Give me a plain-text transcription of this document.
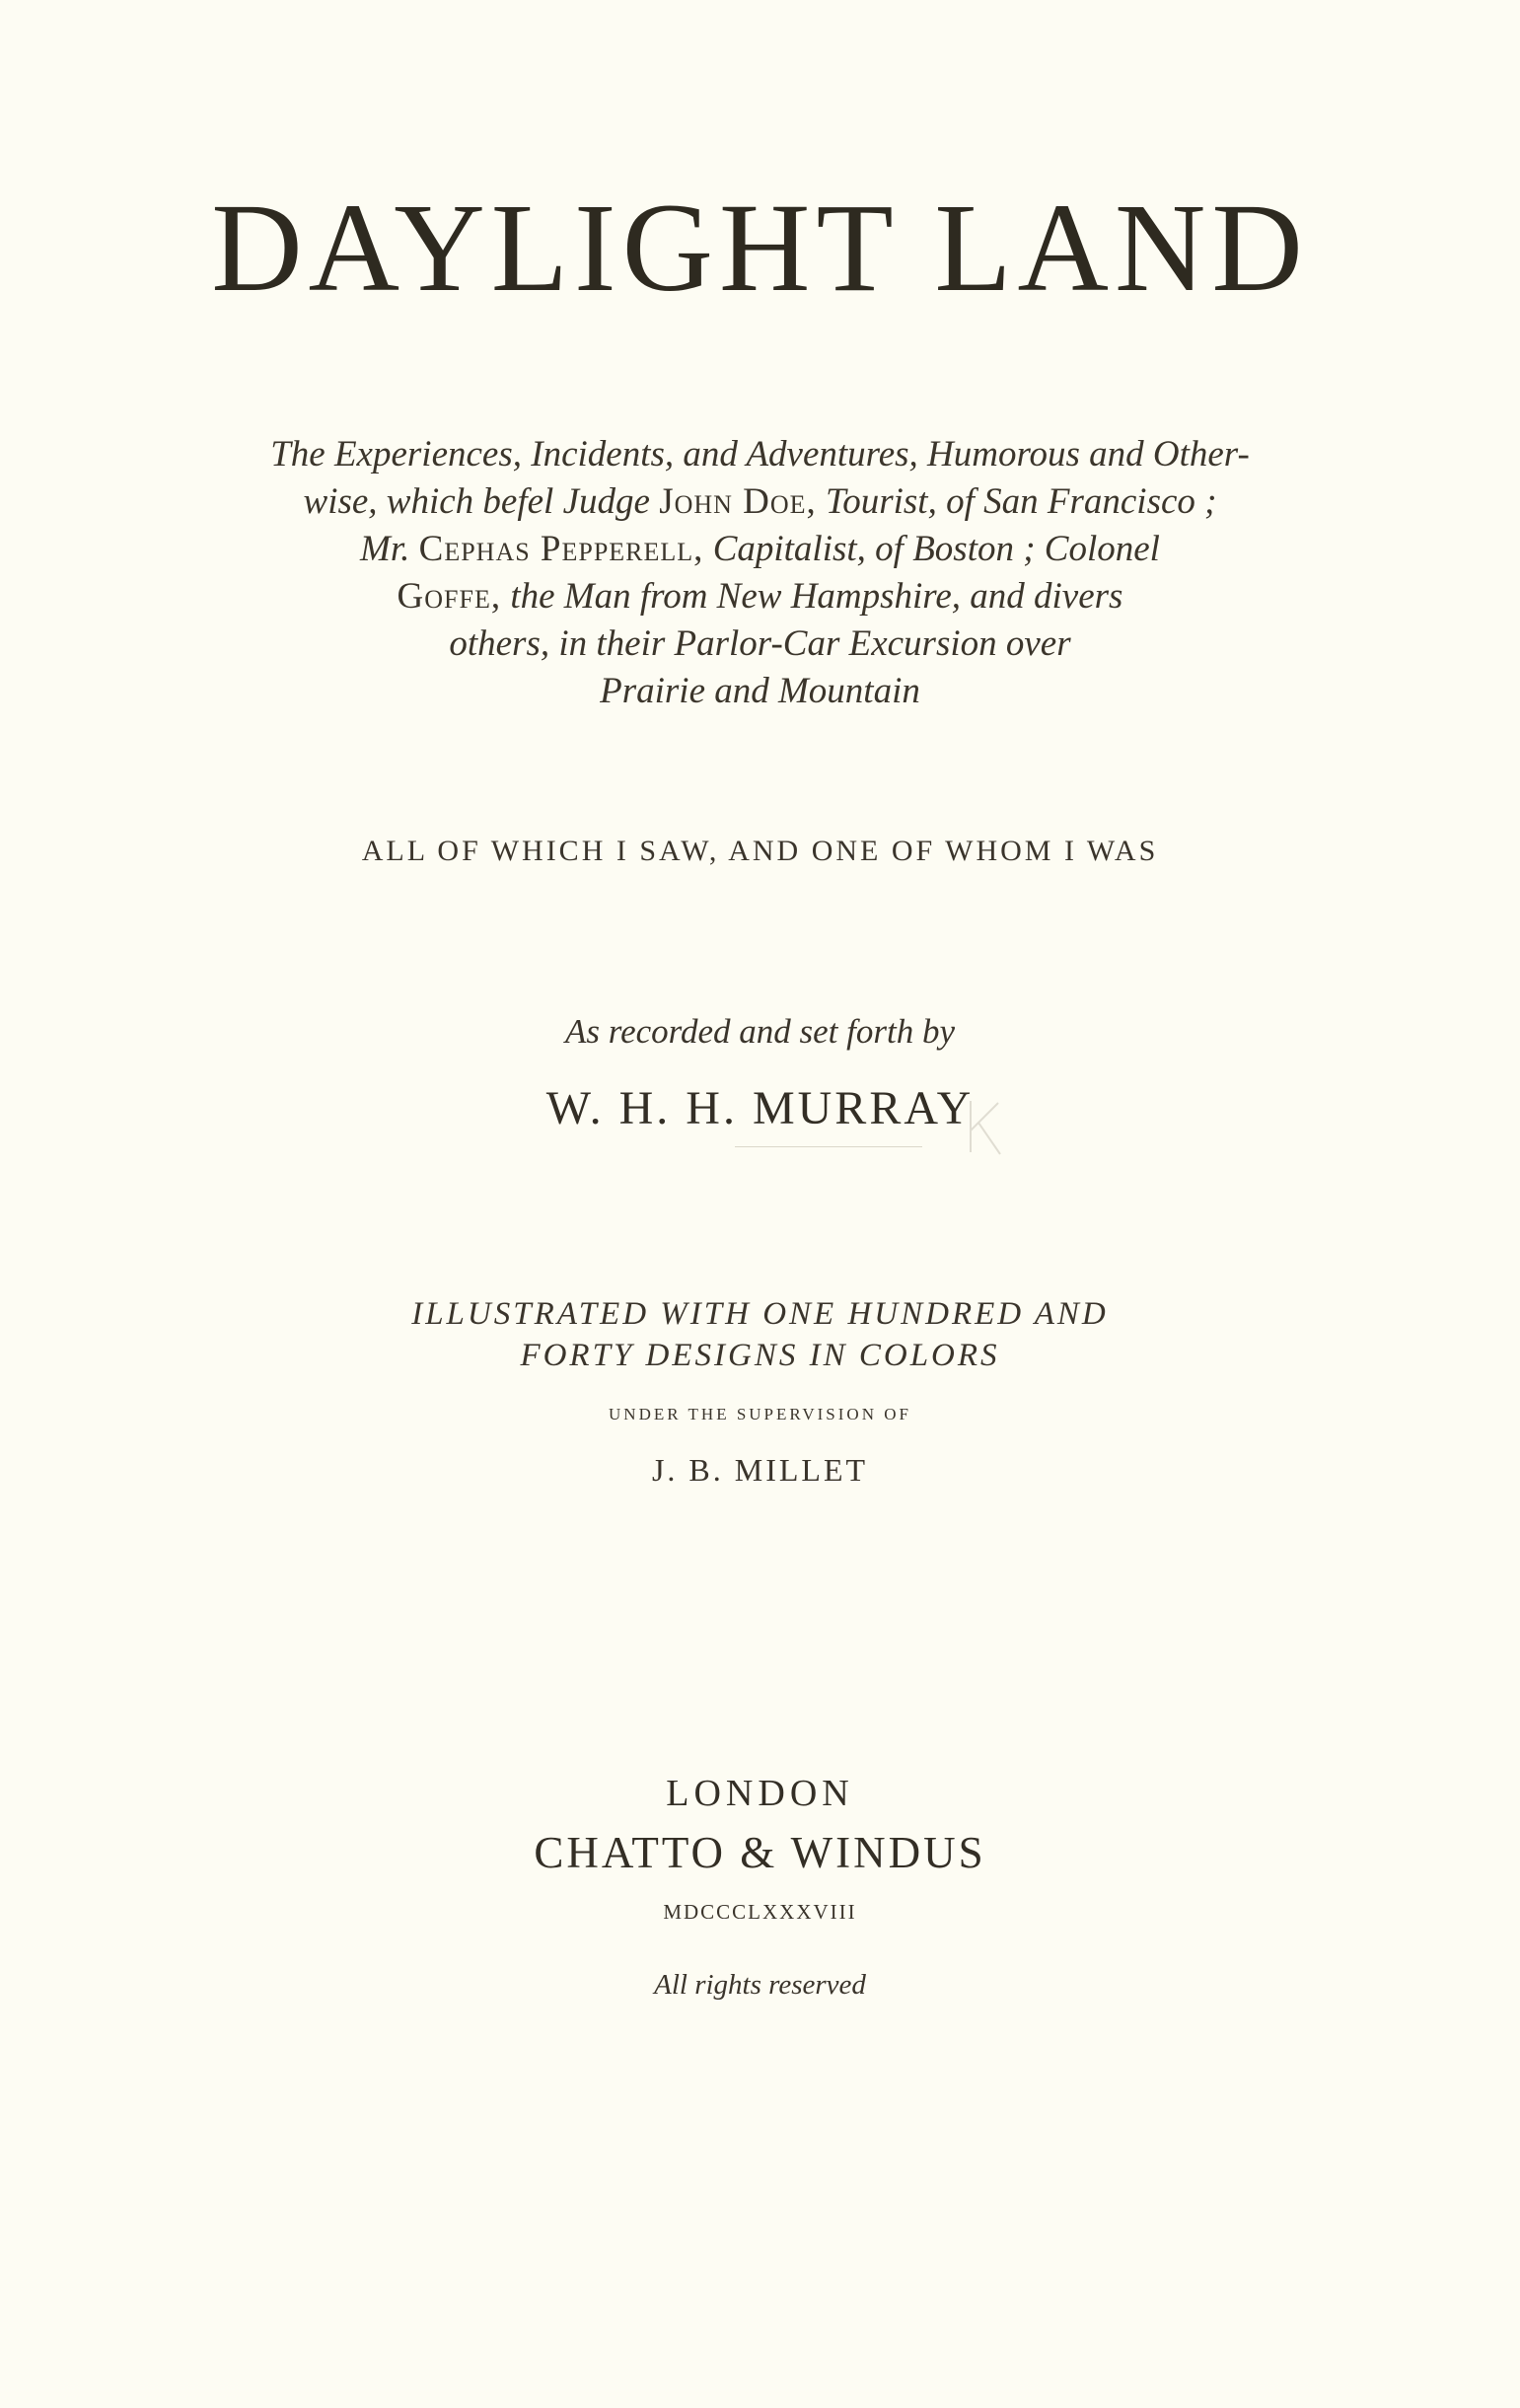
DAYLIGHT LAND
The Experiences, Incidents, and Adventures, Humorous and Other-
wise, which befel Judge John Doe, Tourist, of San Francisco ;
Mr. Cephas Pepperell, Capitalist, of Boston ; Colonel
Goffe, the Man from New Hampshire, and divers
others, in their Parlor-Car Excursion over
Prairie and Mountain
ALL OF WHICH I SAW, AND ONE OF WHOM I WAS
As recorded and set forth by
W. H. H. MURRAY
ILLUSTRATED WITH ONE HUNDRED AND
FORTY DESIGNS IN COLORS
UNDER THE SUPERVISION OF
J. B. MILLET
LONDON
CHATTO & WINDUS
MDCCCLXXXVIII
All rights reserved
